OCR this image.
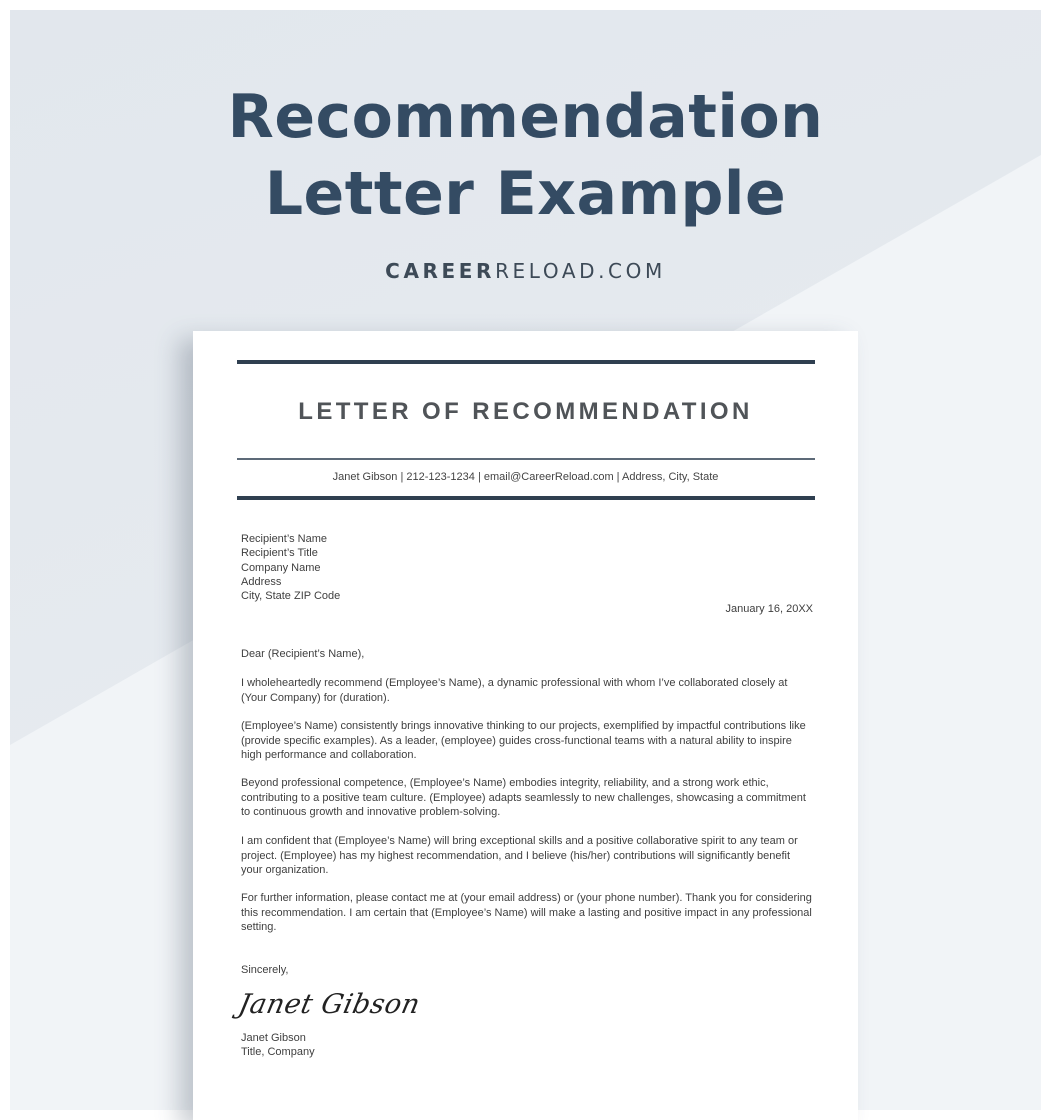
Recommendation
Letter Example
CAREERRELOAD.COM
LETTER OF RECOMMENDATION
Janet Gibson | 212-123-1234 | email@CareerReload.com | Address, City, State
Recipient’s Name
Recipient’s Title
Company Name
Address
City, State ZIP Code
January 16, 20XX
Dear (Recipient’s Name),
I wholeheartedly recommend (Employee’s Name), a dynamic professional with whom I’ve collaborated closely at (Your Company) for (duration).
(Employee’s Name) consistently brings innovative thinking to our projects, exemplified by impactful contributions like (provide specific examples). As a leader, (employee) guides cross-functional teams with a natural ability to inspire high performance and collaboration.
Beyond professional competence, (Employee’s Name) embodies integrity, reliability, and a strong work ethic, contributing to a positive team culture. (Employee) adapts seamlessly to new challenges, showcasing a commitment to continuous growth and innovative problem-solving.
I am confident that (Employee’s Name) will bring exceptional skills and a positive collaborative spirit to any team or project. (Employee) has my highest recommendation, and I believe (his/her) contributions will significantly benefit your organization.
For further information, please contact me at (your email address) or (your phone number). Thank you for considering this recommendation. I am certain that (Employee’s Name) will make a lasting and positive impact in any professional setting.
Sincerely,
Janet Gibson
Janet Gibson
Title, Company
